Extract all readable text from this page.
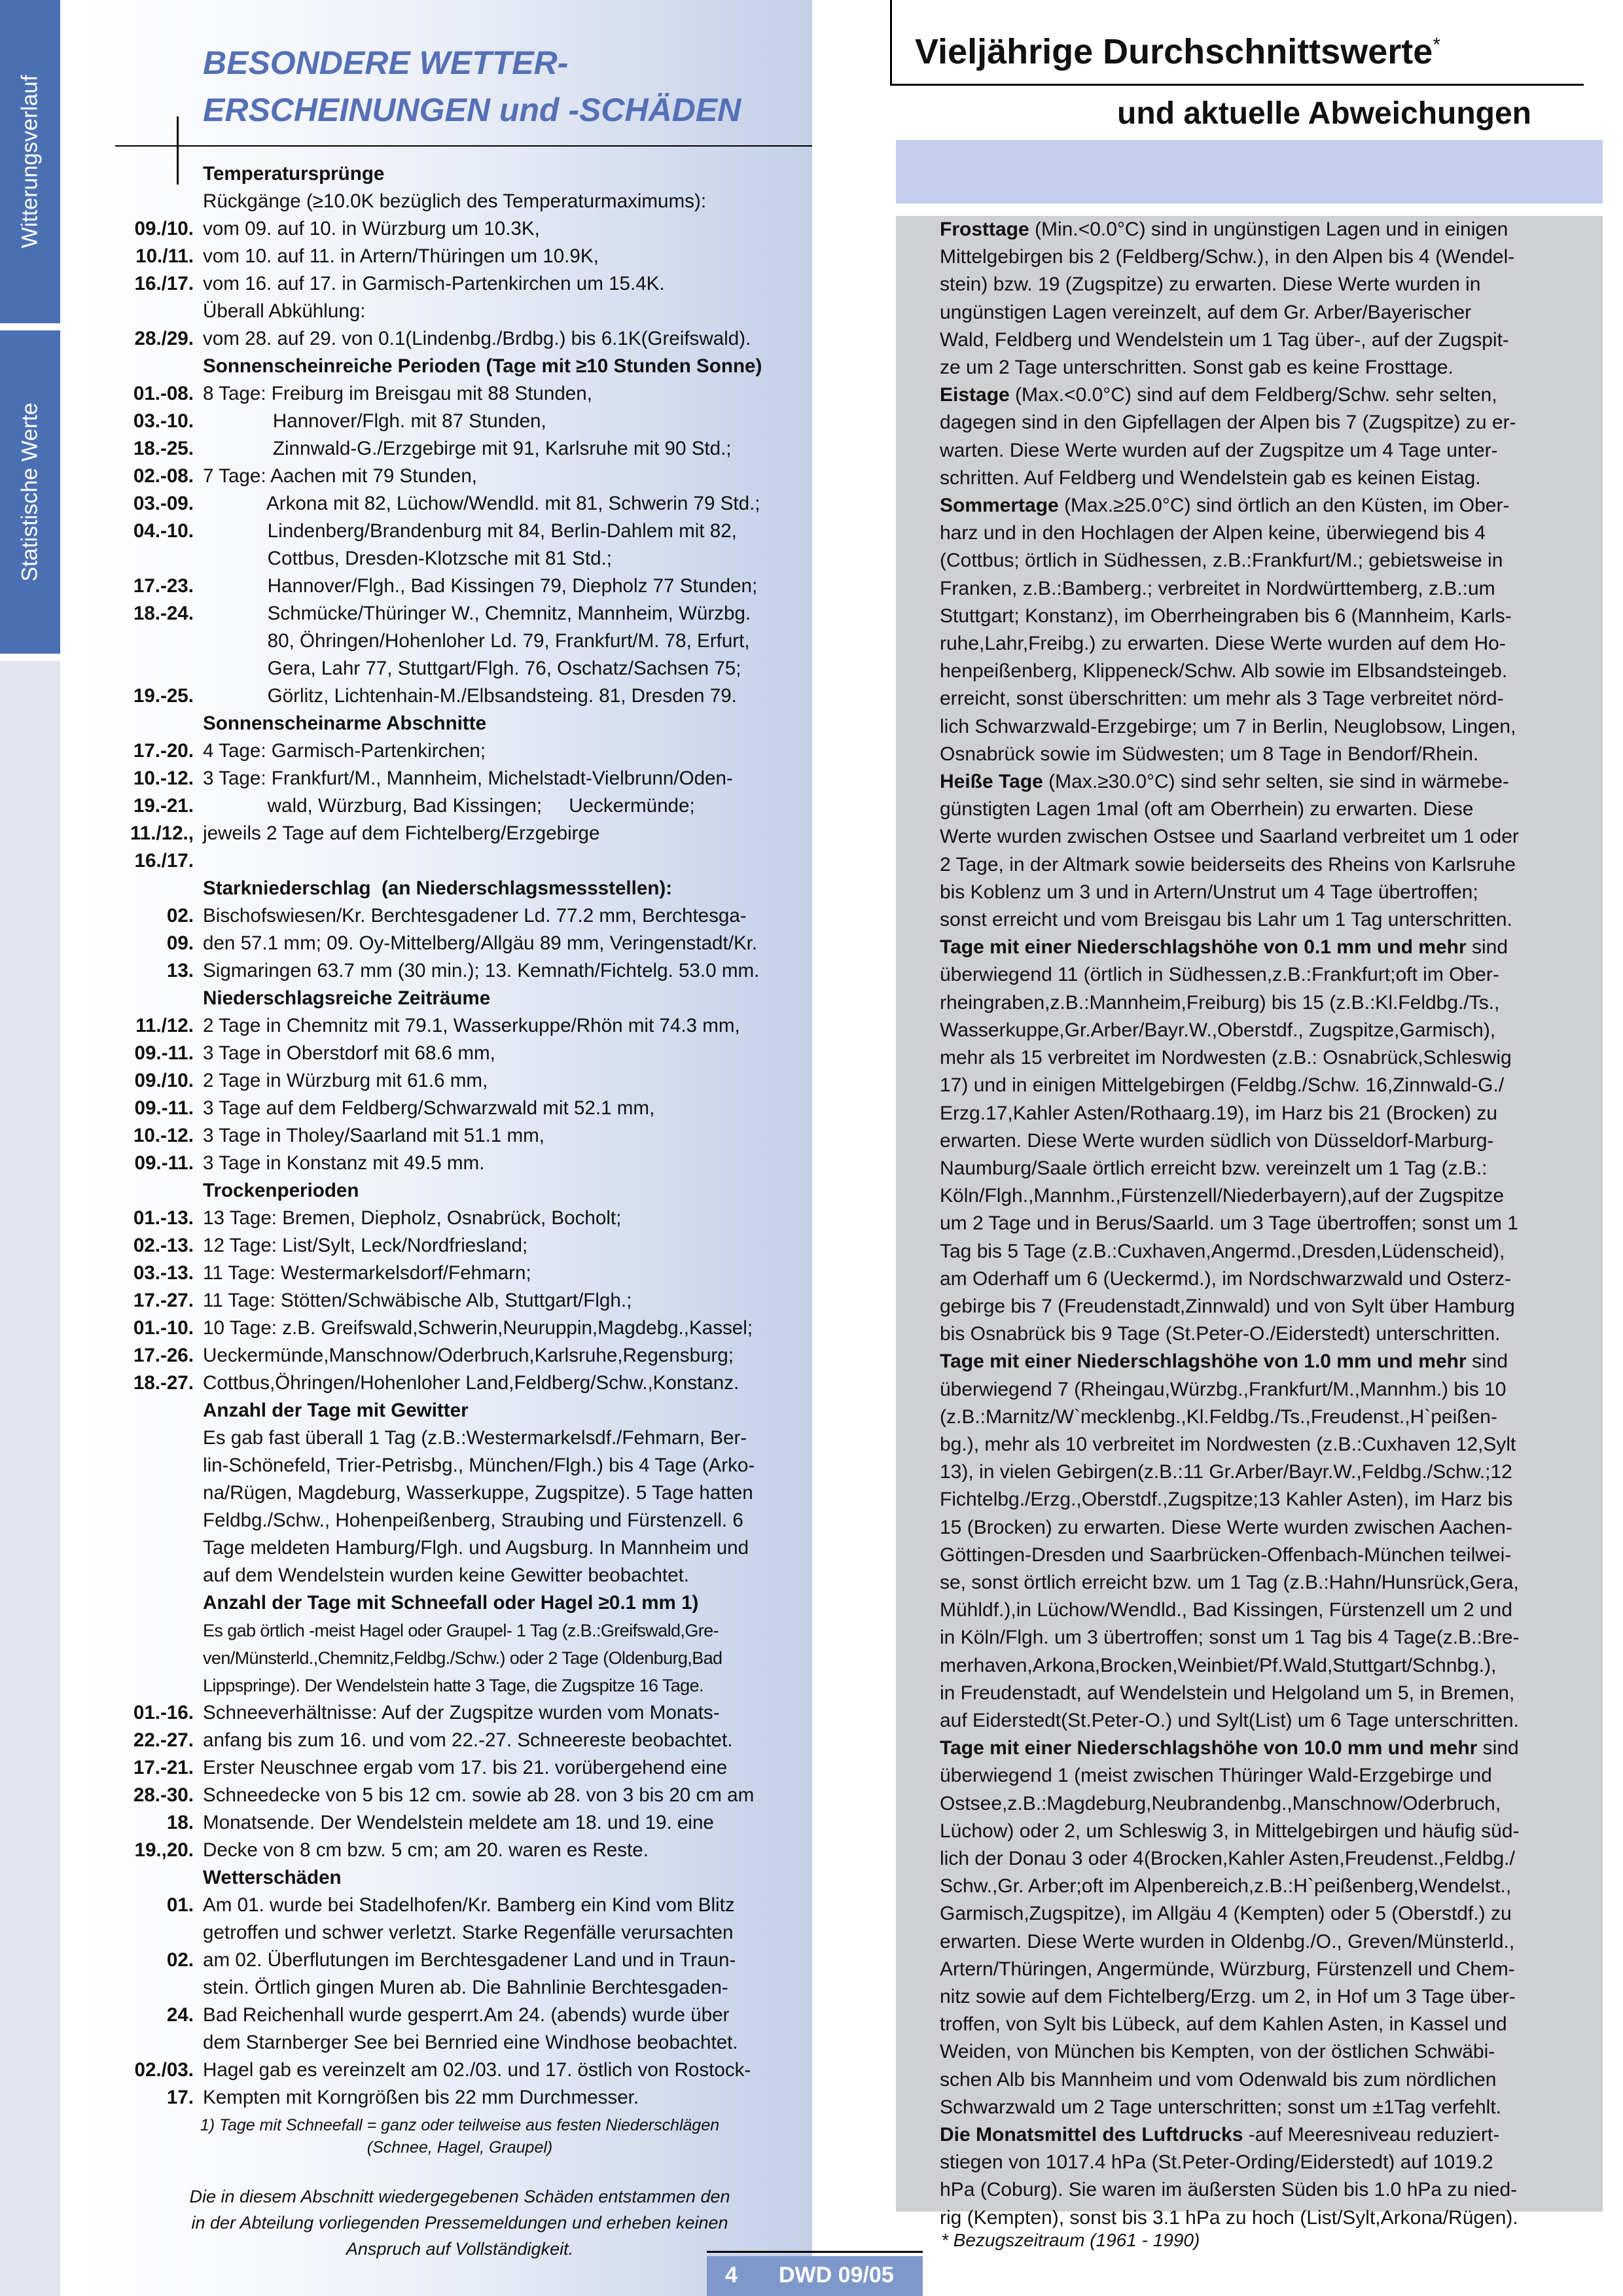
Witterungsverlauf
Statistische Werte
BESONDERE WETTER-
ERSCHEINUNGEN und -SCHÄDEN
Temperatursprünge
Rückgänge (≥10.0K bezüglich des Temperaturmaximums):
09./10. vom 09. auf 10. in Würzburg um 10.3K,
10./11. vom 10. auf 11. in Artern/Thüringen um 10.9K,
16./17. vom 16. auf 17. in Garmisch-Partenkirchen um 15.4K.
Überall Abkühlung:
28./29. vom 28. auf 29. von 0.1(Lindenbg./Brdbg.) bis 6.1K(Greifswald).
Sonnenscheinreiche Perioden (Tage mit ≥10 Stunden Sonne)
01.-08. 8 Tage: Freiburg im Breisgau mit 88 Stunden,
03.-10. Hannover/Flgh. mit 87 Stunden,
18.-25. Zinnwald-G./Erzgebirge mit 91, Karlsruhe mit 90 Std.;
02.-08. 7 Tage: Aachen mit 79 Stunden,
03.-09. Arkona mit 82, Lüchow/Wendld. mit 81, Schwerin 79 Std.;
04.-10. Lindenberg/Brandenburg mit 84, Berlin-Dahlem mit 82,
Cottbus, Dresden-Klotzsche mit 81 Std.;
17.-23. Hannover/Flgh., Bad Kissingen 79, Diepholz 77 Stunden;
18.-24. Schmücke/Thüringer W., Chemnitz, Mannheim, Würzbg.
80, Öhringen/Hohenloher Ld. 79, Frankfurt/M. 78, Erfurt,
Gera, Lahr 77, Stuttgart/Flgh. 76, Oschatz/Sachsen 75;
19.-25. Görlitz, Lichtenhain-M./Elbsandsteing. 81, Dresden 79.
Sonnenscheinarme Abschnitte
17.-20. 4 Tage: Garmisch-Partenkirchen;
10.-12. 3 Tage: Frankfurt/M., Mannheim, Michelstadt-Vielbrunn/Oden-
19.-21. wald, Würzburg, Bad Kissingen;     Ueckermünde;
11./12., jeweils 2 Tage auf dem Fichtelberg/Erzgebirge
16./17.
Starkniederschlag  (an Niederschlagsmessstellen):
02. Bischofswiesen/Kr. Berchtesgadener Ld. 77.2 mm, Berchtesga-
09. den 57.1 mm; 09. Oy-Mittelberg/Allgäu 89 mm, Veringenstadt/Kr.
13. Sigmaringen 63.7 mm (30 min.); 13. Kemnath/Fichtelg. 53.0 mm.
Niederschlagsreiche Zeiträume
11./12. 2 Tage in Chemnitz mit 79.1, Wasserkuppe/Rhön mit 74.3 mm,
09.-11. 3 Tage in Oberstdorf mit 68.6 mm,
09./10. 2 Tage in Würzburg mit 61.6 mm,
09.-11. 3 Tage auf dem Feldberg/Schwarzwald mit 52.1 mm,
10.-12. 3 Tage in Tholey/Saarland mit 51.1 mm,
09.-11. 3 Tage in Konstanz mit 49.5 mm.
Trockenperioden
01.-13. 13 Tage: Bremen, Diepholz, Osnabrück, Bocholt;
02.-13. 12 Tage: List/Sylt, Leck/Nordfriesland;
03.-13. 11 Tage: Westermarkelsdorf/Fehmarn;
17.-27. 11 Tage: Stötten/Schwäbische Alb, Stuttgart/Flgh.;
01.-10. 10 Tage: z.B. Greifswald,Schwerin,Neuruppin,Magdebg.,Kassel;
17.-26. Ueckermünde,Manschnow/Oderbruch,Karlsruhe,Regensburg;
18.-27. Cottbus,Öhringen/Hohenloher Land,Feldberg/Schw.,Konstanz.
Anzahl der Tage mit Gewitter
Es gab fast überall 1 Tag (z.B.:Westermarkelsdf./Fehmarn, Ber-
lin-Schönefeld, Trier-Petrisbg., München/Flgh.) bis 4 Tage (Arko-
na/Rügen, Magdeburg, Wasserkuppe, Zugspitze). 5 Tage hatten
Feldbg./Schw., Hohenpeißenberg, Straubing und Fürstenzell. 6
Tage meldeten Hamburg/Flgh. und Augsburg. In Mannheim und
auf dem Wendelstein wurden keine Gewitter beobachtet.
Anzahl der Tage mit Schneefall oder Hagel ≥0.1 mm 1)
Es gab örtlich -meist Hagel oder Graupel- 1 Tag (z.B.:Greifswald,Gre-
ven/Münsterld.,Chemnitz,Feldbg./Schw.) oder 2 Tage (Oldenburg,Bad
Lippspringe). Der Wendelstein hatte 3 Tage, die Zugspitze 16 Tage.
01.-16. Schneeverhältnisse: Auf der Zugspitze wurden vom Monats-
22.-27. anfang bis zum 16. und vom 22.-27. Schneereste beobachtet.
17.-21. Erster Neuschnee ergab vom 17. bis 21. vorübergehend eine
28.-30. Schneedecke von 5 bis 12 cm. sowie ab 28. von 3 bis 20 cm am
18. Monatsende. Der Wendelstein meldete am 18. und 19. eine
19.,20. Decke von 8 cm bzw. 5 cm; am 20. waren es Reste.
Wetterschäden
01. Am 01. wurde bei Stadelhofen/Kr. Bamberg ein Kind vom Blitz
getroffen und schwer verletzt. Starke Regenfälle verursachten
02. am 02. Überflutungen im Berchtesgadener Land und in Traun-
stein. Örtlich gingen Muren ab. Die Bahnlinie Berchtesgaden-
24. Bad Reichenhall wurde gesperrt.Am 24. (abends) wurde über
dem Starnberger See bei Bernried eine Windhose beobachtet.
02./03. Hagel gab es vereinzelt am 02./03. und 17. östlich von Rostock-
17. Kempten mit Korngrößen bis 22 mm Durchmesser.
1) Tage mit Schneefall = ganz oder teilweise aus festen Niederschlägen
(Schnee, Hagel, Graupel)
Die in diesem Abschnitt wiedergegebenen Schäden entstammen den
in der Abteilung vorliegenden Pressemeldungen und erheben keinen
Anspruch auf Vollständigkeit.
Vieljährige Durchschnittswerte*
und aktuelle Abweichungen
Frosttage (Min.<0.0°C) sind in ungünstigen Lagen und in einigen
Mittelgebirgen bis 2 (Feldberg/Schw.), in den Alpen bis 4 (Wendel-
stein) bzw. 19 (Zugspitze) zu erwarten. Diese Werte wurden in
ungünstigen Lagen vereinzelt, auf dem Gr. Arber/Bayerischer
Wald, Feldberg und Wendelstein um 1 Tag über-, auf der Zugspit-
ze um 2 Tage unterschritten. Sonst gab es keine Frosttage.
Eistage (Max.<0.0°C) sind auf dem Feldberg/Schw. sehr selten,
dagegen sind in den Gipfellagen der Alpen bis 7 (Zugspitze) zu er-
warten. Diese Werte wurden auf der Zugspitze um 4 Tage unter-
schritten. Auf Feldberg und Wendelstein gab es keinen Eistag.
Sommertage (Max.≥25.0°C) sind örtlich an den Küsten, im Ober-
harz und in den Hochlagen der Alpen keine, überwiegend bis 4
(Cottbus; örtlich in Südhessen, z.B.:Frankfurt/M.; gebietsweise in
Franken, z.B.:Bamberg.; verbreitet in Nordwürttemberg, z.B.:um
Stuttgart; Konstanz), im Oberrheingraben bis 6 (Mannheim, Karls-
ruhe,Lahr,Freibg.) zu erwarten. Diese Werte wurden auf dem Ho-
henpeißenberg, Klippeneck/Schw. Alb sowie im Elbsandsteingeb.
erreicht, sonst überschritten: um mehr als 3 Tage verbreitet nörd-
lich Schwarzwald-Erzgebirge; um 7 in Berlin, Neuglobsow, Lingen,
Osnabrück sowie im Südwesten; um 8 Tage in Bendorf/Rhein.
Heiße Tage (Max.≥30.0°C) sind sehr selten, sie sind in wärmebe-
günstigten Lagen 1mal (oft am Oberrhein) zu erwarten. Diese
Werte wurden zwischen Ostsee und Saarland verbreitet um 1 oder
2 Tage, in der Altmark sowie beiderseits des Rheins von Karlsruhe
bis Koblenz um 3 und in Artern/Unstrut um 4 Tage übertroffen;
sonst erreicht und vom Breisgau bis Lahr um 1 Tag unterschritten.
Tage mit einer Niederschlagshöhe von 0.1 mm und mehr sind
überwiegend 11 (örtlich in Südhessen,z.B.:Frankfurt;oft im Ober-
rheingraben,z.B.:Mannheim,Freiburg) bis 15 (z.B.:Kl.Feldbg./Ts.,
Wasserkuppe,Gr.Arber/Bayr.W.,Oberstdf., Zugspitze,Garmisch),
mehr als 15 verbreitet im Nordwesten (z.B.: Osnabrück,Schleswig
17) und in einigen Mittelgebirgen (Feldbg./Schw. 16,Zinnwald-G./
Erzg.17,Kahler Asten/Rothaarg.19), im Harz bis 21 (Brocken) zu
erwarten. Diese Werte wurden südlich von Düsseldorf-Marburg-
Naumburg/Saale örtlich erreicht bzw. vereinzelt um 1 Tag (z.B.:
Köln/Flgh.,Mannhm.,Fürstenzell/Niederbayern),auf der Zugspitze
um 2 Tage und in Berus/Saarld. um 3 Tage übertroffen; sonst um 1
Tag bis 5 Tage (z.B.:Cuxhaven,Angermd.,Dresden,Lüdenscheid),
am Oderhaff um 6 (Ueckermd.), im Nordschwarzwald und Osterz-
gebirge bis 7 (Freudenstadt,Zinnwald) und von Sylt über Hamburg
bis Osnabrück bis 9 Tage (St.Peter-O./Eiderstedt) unterschritten.
Tage mit einer Niederschlagshöhe von 1.0 mm und mehr sind
überwiegend 7 (Rheingau,Würzbg.,Frankfurt/M.,Mannhm.) bis 10
(z.B.:Marnitz/W`mecklenbg.,Kl.Feldbg./Ts.,Freudenst.,H`peißen-
bg.), mehr als 10 verbreitet im Nordwesten (z.B.:Cuxhaven 12,Sylt
13), in vielen Gebirgen(z.B.:11 Gr.Arber/Bayr.W.,Feldbg./Schw.;12
Fichtelbg./Erzg.,Oberstdf.,Zugspitze;13 Kahler Asten), im Harz bis
15 (Brocken) zu erwarten. Diese Werte wurden zwischen Aachen-
Göttingen-Dresden und Saarbrücken-Offenbach-München teilwei-
se, sonst örtlich erreicht bzw. um 1 Tag (z.B.:Hahn/Hunsrück,Gera,
Mühldf.),in Lüchow/Wendld., Bad Kissingen, Fürstenzell um 2 und
in Köln/Flgh. um 3 übertroffen; sonst um 1 Tag bis 4 Tage(z.B.:Bre-
merhaven,Arkona,Brocken,Weinbiet/Pf.Wald,Stuttgart/Schnbg.),
in Freudenstadt, auf Wendelstein und Helgoland um 5, in Bremen,
auf Eiderstedt(St.Peter-O.) und Sylt(List) um 6 Tage unterschritten.
Tage mit einer Niederschlagshöhe von 10.0 mm und mehr sind
überwiegend 1 (meist zwischen Thüringer Wald-Erzgebirge und
Ostsee,z.B.:Magdeburg,Neubrandenbg.,Manschnow/Oderbruch,
Lüchow) oder 2, um Schleswig 3, in Mittelgebirgen und häufig süd-
lich der Donau 3 oder 4(Brocken,Kahler Asten,Freudenst.,Feldbg./
Schw.,Gr. Arber;oft im Alpenbereich,z.B.:H`peißenberg,Wendelst.,
Garmisch,Zugspitze), im Allgäu 4 (Kempten) oder 5 (Oberstdf.) zu
erwarten. Diese Werte wurden in Oldenbg./O., Greven/Münsterld.,
Artern/Thüringen, Angermünde, Würzburg, Fürstenzell und Chem-
nitz sowie auf dem Fichtelberg/Erzg. um 2, in Hof um 3 Tage über-
troffen, von Sylt bis Lübeck, auf dem Kahlen Asten, in Kassel und
Weiden, von München bis Kempten, von der östlichen Schwäbi-
schen Alb bis Mannheim und vom Odenwald bis zum nördlichen
Schwarzwald um 2 Tage unterschritten; sonst um ±1Tag verfehlt.
Die Monatsmittel des Luftdrucks -auf Meeresniveau reduziert-
stiegen von 1017.4 hPa (St.Peter-Ording/Eiderstedt) auf 1019.2
hPa (Coburg). Sie waren im äußersten Süden bis 1.0 hPa zu nied-
rig (Kempten), sonst bis 3.1 hPa zu hoch (List/Sylt,Arkona/Rügen).
* Bezugszeitraum (1961 - 1990)
4 DWD 09/05
